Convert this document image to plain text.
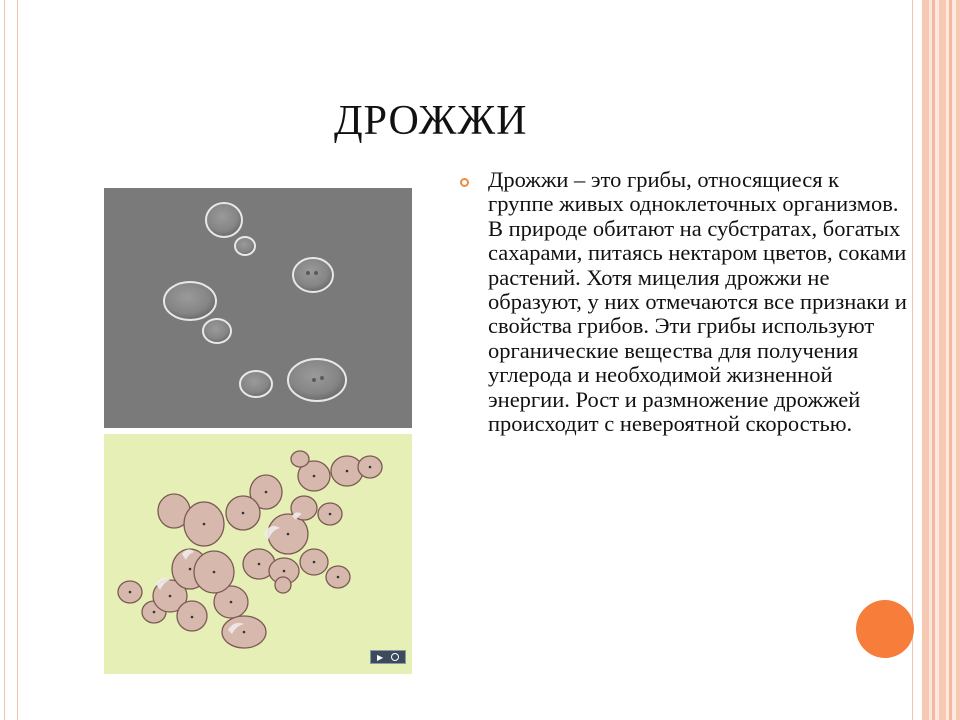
ДРОЖЖИ
▶

Дрожжи – это грибы, относящиеся к группе живых одноклеточных организмов. В природе обитают на субстратах, богатых сахарами, питаясь нектаром цветов, соками растений. Хотя мицелия дрожжи не образуют, у них отмечаются все признаки и свойства грибов. Эти грибы используют органические вещества для получения углерода и необходимой жизненной энергии. Рост и размножение дрожжей происходит с невероятной скоростью.
